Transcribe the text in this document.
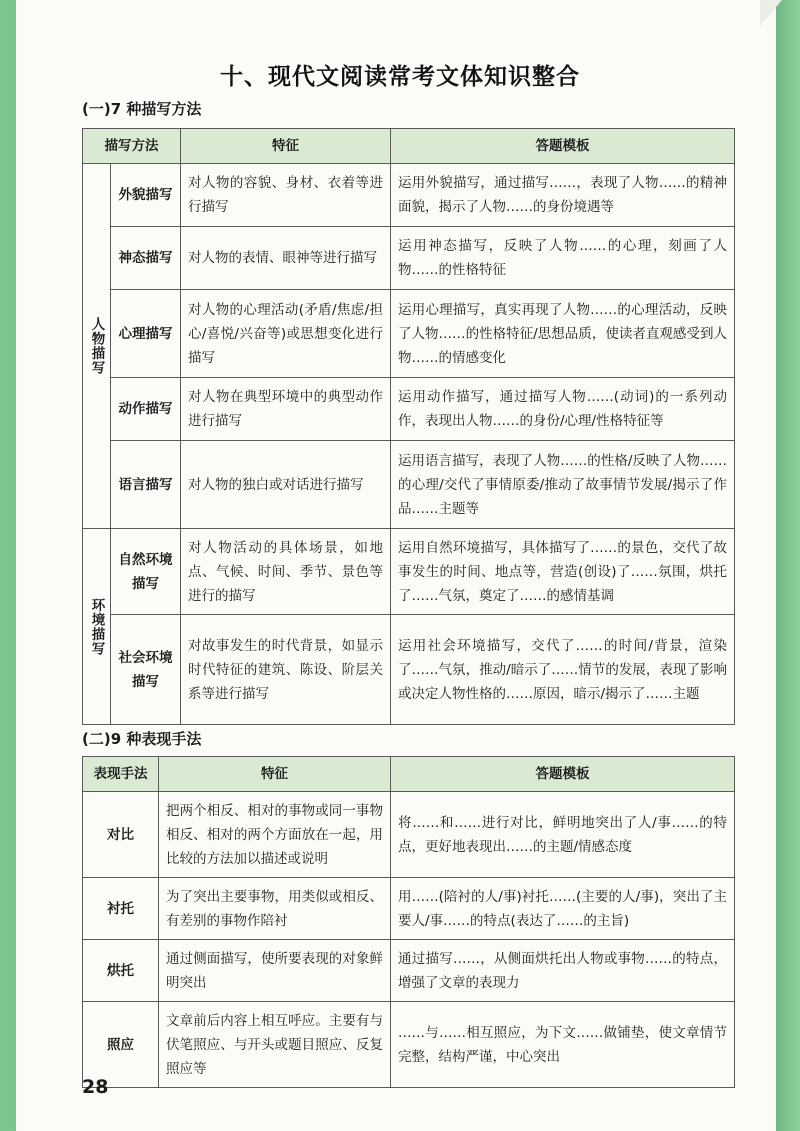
十、现代文阅读常考文体知识整合

(一)7 种描写方法

描写方法		特征	答题模板

人物描写	外貌描写	对人物的容貌、身材、衣着等进行描写	运用外貌描写，通过描写……，表现了人物……的精神面貌，揭示了人物……的身份境遇等
	神态描写	对人物的表情、眼神等进行描写	运用神态描写，反映了人物……的心理，刻画了人物……的性格特征
	心理描写	对人物的心理活动(矛盾/焦虑/担心/喜悦/兴奋等)或思想变化进行描写	运用心理描写，真实再现了人物……的心理活动，反映了人物……的性格特征/思想品质，使读者直观感受到人物……的情感变化
	动作描写	对人物在典型环境中的典型动作进行描写	运用动作描写，通过描写人物……(动词)的一系列动作，表现出人物……的身份/心理/性格特征等
	语言描写	对人物的独白或对话进行描写	运用语言描写，表现了人物……的性格/反映了人物……的心理/交代了事情原委/推动了故事情节发展/揭示了作品……主题等

环境描写	自然环境描写	对人物活动的具体场景，如地点、气候、时间、季节、景色等进行的描写	运用自然环境描写，具体描写了……的景色，交代了故事发生的时间、地点等，营造(创设)了……氛围，烘托了……气氛，奠定了……的感情基调
	社会环境描写	对故事发生的时代背景，如显示时代特征的建筑、陈设、阶层关系等进行描写	运用社会环境描写，交代了……的时间/背景，渲染了……气氛，推动/暗示了……情节的发展，表现了影响或决定人物性格的……原因，暗示/揭示了……主题

(二)9 种表现手法

表现手法	特征	答题模板
对比	把两个相反、相对的事物或同一事物相反、相对的两个方面放在一起，用比较的方法加以描述或说明	将……和……进行对比，鲜明地突出了人/事……的特点，更好地表现出……的主题/情感态度
衬托	为了突出主要事物，用类似或相反、有差别的事物作陪衬	用……(陪衬的人/事)衬托……(主要的人/事)，突出了主要人/事……的特点(表达了……的主旨)
烘托	通过侧面描写，使所要表现的对象鲜明突出	通过描写……，从侧面烘托出人物或事物……的特点，增强了文章的表现力
照应	文章前后内容上相互呼应。主要有与伏笔照应、与开头或题目照应、反复照应等	……与……相互照应，为下文……做铺垫，使文章情节完整，结构严谨，中心突出

28
